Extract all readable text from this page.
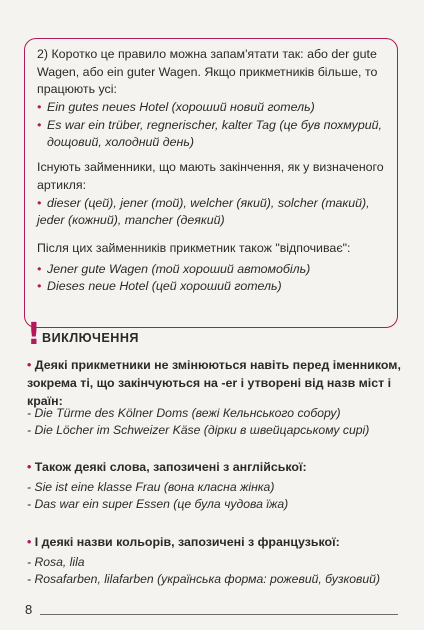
2) Коротко це правило можна запам'ятати так: або der gute
Wagen, або ein guter Wagen. Якщо прикметників більше, то
працюють усі:
• Ein gutes neues Hotel (хороший новий готель)
• Es war ein trüber, regnerischer, kalter Tag (це був похмурий,
дощовий, холодний день)
Існують займенники, що мають закінчення, як у визначеного
артикля:
• dieser (цей), jener (той), welcher (який), solcher (такий),
jeder (кожний), mancher (деякий)
Після цих займенників прикметник також "відпочиває":
• Jener gute Wagen (той хороший автомобіль)
• Dieses neue Hotel (цей хороший готель)
! ВИКЛЮЧЕННЯ
• Деякі прикметники не змінюються навіть перед іменником,
зокрема ті, що закінчуються на -er і утворені від назв міст і
країн:
- Die Türme des Kölner Doms (вежі Кельнського собору)
- Die Löcher im Schweizer Käse (дірки в швейцарському сирі)
• Також деякі слова, запозичені з англійської:
- Sie ist eine klasse Frau (вона класна жінка)
- Das war ein super Essen (це була чудова їжа)
• І деякі назви кольорів, запозичені з французької:
- Rosa, lila
- Rosafarben, lilafarben (українська форма: рожевий, бузковий)
8
